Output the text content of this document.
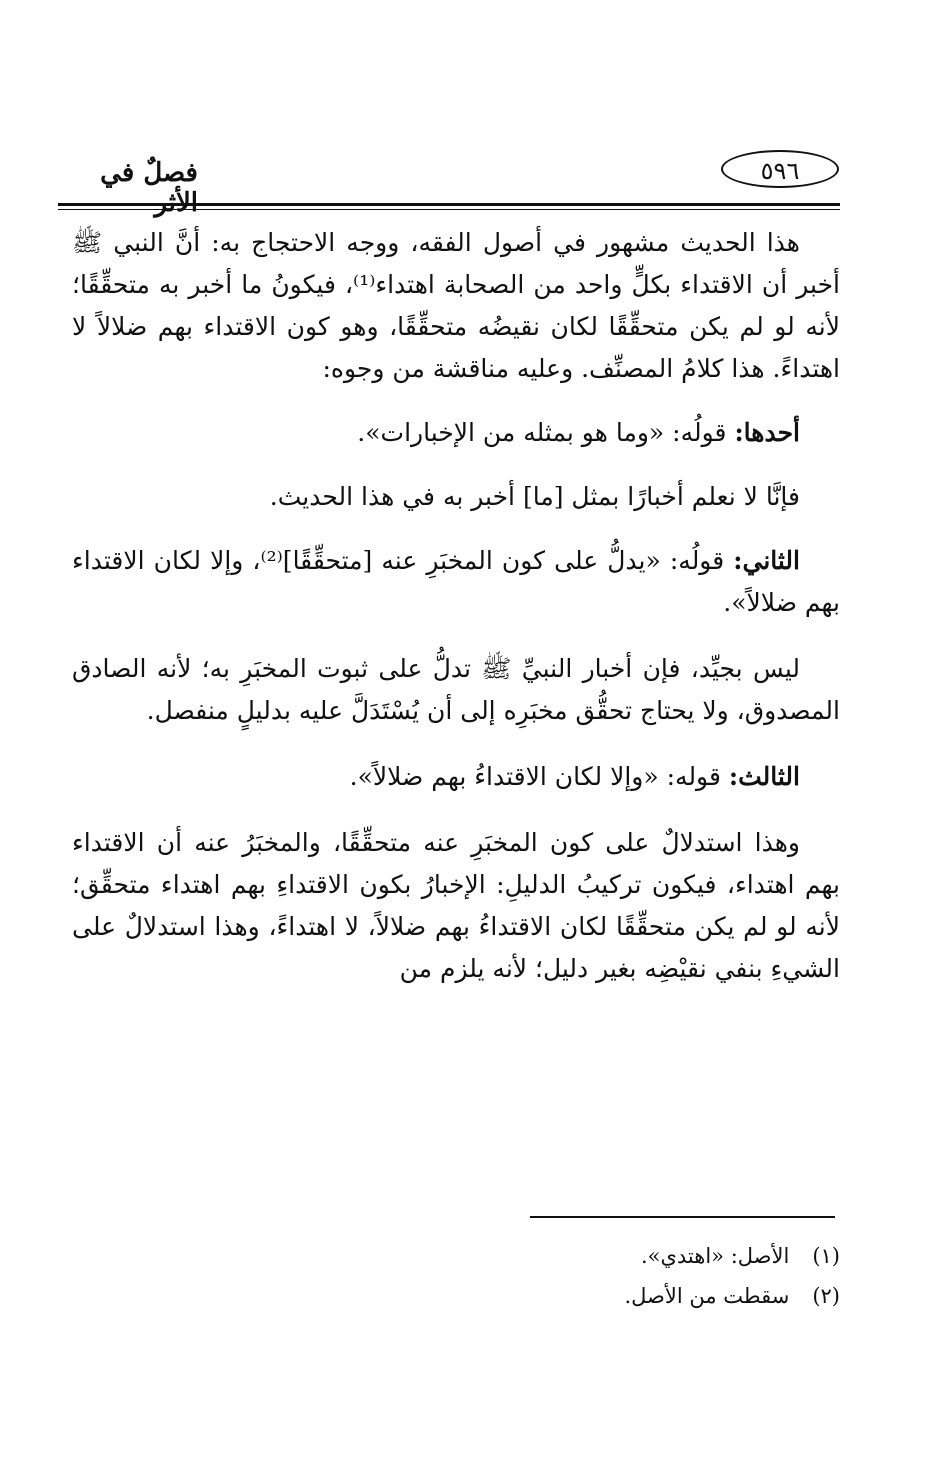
٥٩٦
فصلٌ في الأثر

هذا الحديث مشهور في أصول الفقه، ووجه الاحتجاج به: أنَّ النبي ﷺ أخبر أن الاقتداء بكلٍّ واحد من الصحابة اهتداء⁽¹⁾، فيكونُ ما أخبر به متحقِّقًا؛ لأنه لو لم يكن متحقِّقًا لكان نقيضُه متحقِّقًا، وهو كون الاقتداء بهم ضلالاً لا اهتداءً. هذا كلامُ المصنِّف. وعليه مناقشة من وجوه:

أحدها: قولُه: «وما هو بمثله من الإخبارات».

فإنَّا لا نعلم أخبارًا بمثل [ما] أخبر به في هذا الحديث.

الثاني: قولُه: «يدلُّ على كون المخبَرِ عنه [متحقِّقًا]⁽²⁾، وإلا لكان الاقتداء بهم ضلالاً».

ليس بجيِّد، فإن أخبار النبيِّ ﷺ تدلُّ على ثبوت المخبَرِ به؛ لأنه الصادق المصدوق، ولا يحتاج تحقُّق مخبَرِه إلى أن يُسْتَدَلَّ عليه بدليلٍ منفصل.

الثالث: قوله: «وإلا لكان الاقتداءُ بهم ضلالاً».

وهذا استدلالٌ على كون المخبَرِ عنه متحقِّقًا، والمخبَرُ عنه أن الاقتداء بهم اهتداء، فيكون تركيبُ الدليلِ: الإخبارُ بكون الاقتداءِ بهم اهتداء متحقِّق؛ لأنه لو لم يكن متحقِّقًا لكان الاقتداءُ بهم ضلالاً، لا اهتداءً، وهذا استدلالٌ على الشيءِ بنفي نقيْضِه بغير دليل؛ لأنه يلزم من

(١) الأصل: «اهتدي».

(٢) سقطت من الأصل.
